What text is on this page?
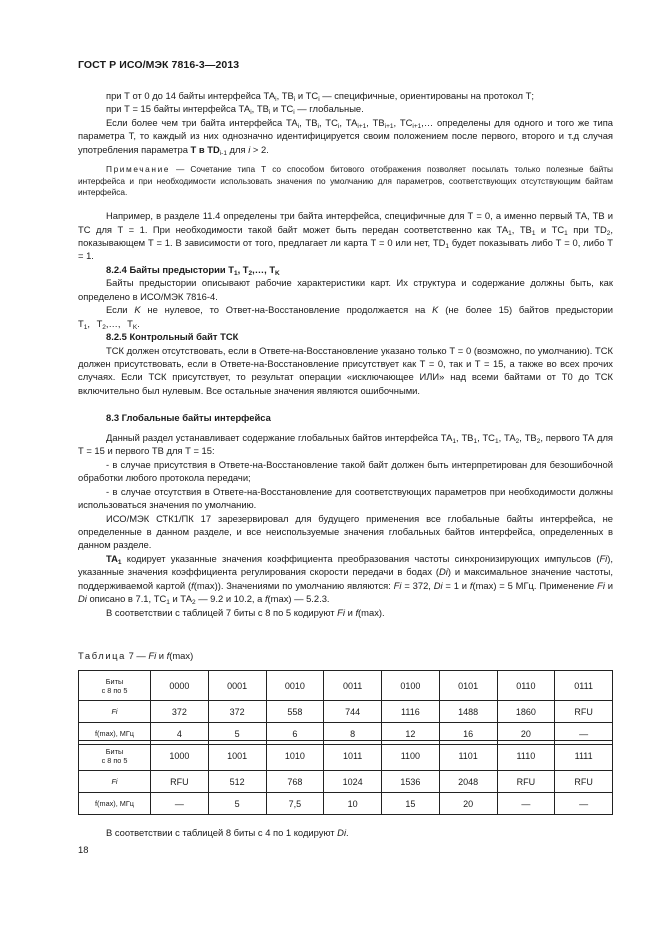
ГОСТ Р ИСО/МЭК 7816-3—2013

при Т от 0 до 14 байты интерфейса $ТА_i$, $ТВ_i$ и $ТС_i$ — специфичные, ориентированы на протокол Т;

при Т = 15 байты интерфейса $ТА_i$, $ТВ_i$ и $ТС_i$ — глобальные.

Если более чем три байта интерфейса $ТА_i$, $ТВ_i$, $ТС_i$, $ТА_{i+1}$, $ТВ_{i+1}$, $ТС_{i+1},\dots$ определены для одного и того же типа параметра Т, то каждый из них однозначно идентифицируется своим положением после первого, второго и т.д случая употребления параметра Т в $ТD_{i-1}$ для i > 2.

Примечание — Сочетание типа Т со способом битового отображения позволяет посылать только полезные байты интерфейса и при необходимости использовать значения по умолчанию для параметров, соответствующих отсутствующим байтам интерфейса.

Например, в разделе 11.4 определены три байта интерфейса, специфичные для Т = 0, а именно первый ТА, ТВ и ТС для Т = 1. При необходимости такой байт может быть передан соответственно как $ТА_1$, $ТВ_1$ и $ТС_1$ при $ТD_2$, показывающем Т = 1. В зависимости от того, предлагает ли карта Т = 0 или нет, $ТD_1$ будет показывать либо Т = 0, либо Т = 1.

8.2.4 Байты предыстории $Т_1$, $Т_2,\dots$, $Т_K$

Байты предыстории описывают рабочие характеристики карт. Их структура и содержание должны быть, как определено в ИСО/МЭК 7816-4.

Если K не нулевое, то Ответ-на-Восстановление продолжается на K (не более 15) байтов предыстории $Т_1$, $Т_2,\dots$, $Т_K$.

8.2.5 Контрольный байт ТСК

ТСК должен отсутствовать, если в Ответе-на-Восстановление указано только Т = 0 (возможно, по умолчанию). ТСК должен присутствовать, если в Ответе-на-Восстановление присутствует как Т = 0, так и Т = 15, а также во всех прочих случаях. Если ТСК присутствует, то результат операции «исключающее ИЛИ» над всеми байтами от Т0 до ТСК включительно был нулевым. Все остальные значения являются ошибочными.

8.3 Глобальные байты интерфейса

Данный раздел устанавливает содержание глобальных байтов интерфейса $ТА_1$, $ТВ_1$, $ТС_1$, $ТА_2$, $ТВ_2$, первого ТА для Т = 15 и первого ТВ для Т = 15:

- в случае присутствия в Ответе-на-Восстановление такой байт должен быть интерпретирован для безошибочной обработки любого протокола передачи;

- в случае отсутствия в Ответе-на-Восстановление для соответствующих параметров при необходимости должны использоваться значения по умолчанию.

ИСО/МЭК СТК1/ПК 17 зарезервировал для будущего применения все глобальные байты интерфейса, не определенные в данном разделе, и все неиспользуемые значения глобальных байтов интерфейса, определенных в данном разделе.

$ТА_1$ кодирует указанные значения коэффициента преобразования частоты синхронизирующих импульсов (Fi), указанные значения коэффициента регулирования скорости передачи в бодах (Di) и максимальное значение частоты, поддерживаемой картой (f(max)). Значениями по умолчанию являются: Fi = 372, Di = 1 и f(max) = 5 МГц. Применение Fi и Di описано в 7.1, $ТС_1$ и $ТА_2$ — 9.2 и 10.2, а f(max) — 5.2.3.

В соответствии с таблицей 7 биты с 8 по 5 кодируют Fi и f(max).

Таблица 7 — Fi и f(max)
Биты
с 8 по 5	0000	0001	0010	0011	0100	0101	0110	0111
Fi	372	372	558	744	1116	1488	1860	RFU
f(max), МГц	4	5	6	8	12	16	20	—
Биты
с 8 по 5	1000	1001	1010	1011	1100	1101	1110	1111
Fi	RFU	512	768	1024	1536	2048	RFU	RFU
f(max), МГц	—	5	7,5	10	15	20	—	—
В соответствии с таблицей 8 биты с 4 по 1 кодируют Di.
18
